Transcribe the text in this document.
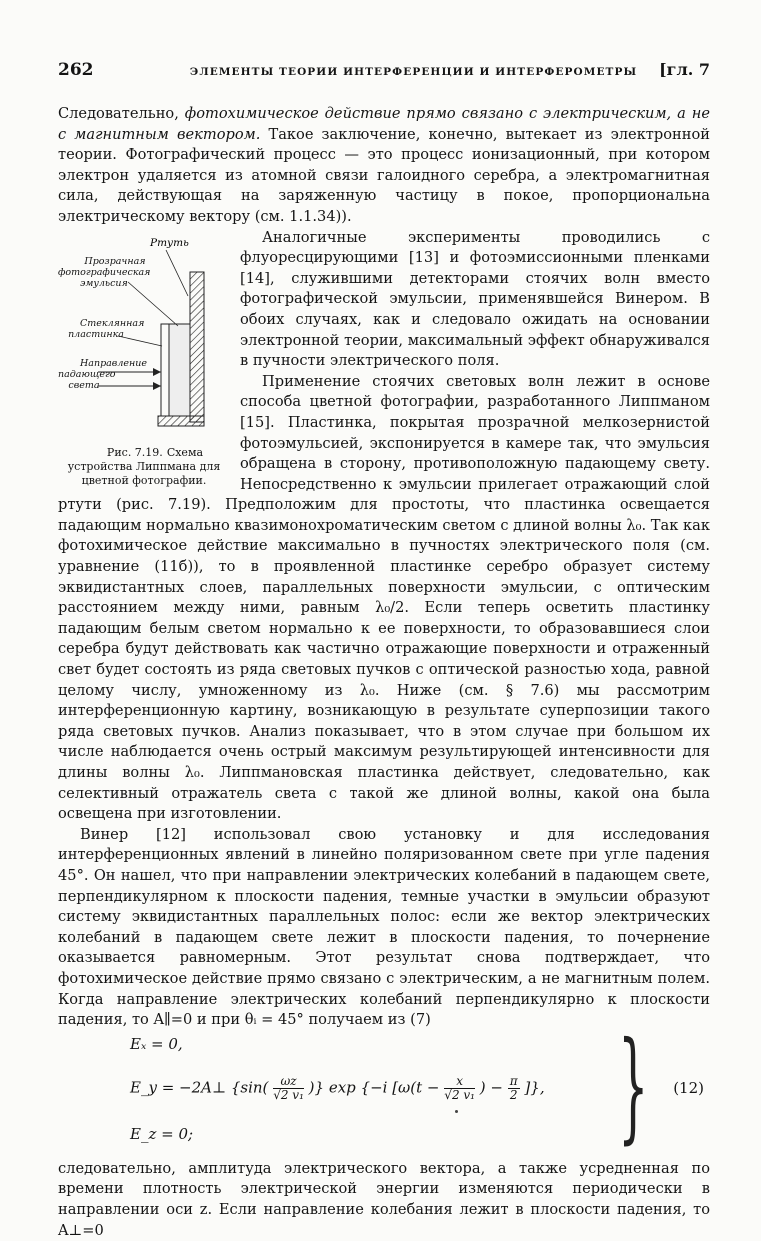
262	ЭЛЕМЕНТЫ ТЕОРИИ ИНТЕРФЕРЕНЦИИ И ИНТЕРФЕРОМЕТРЫ	[гл. 7

Следовательно, фотохимическое действие прямо связано с электрическим, а не с магнитным вектором. Такое заключение, конечно, вытекает из электронной теории. Фотографический процесс — это процесс ионизационный, при котором электрон удаляется из атомной связи галоидного серебра, а электромагнитная сила, действующая на заряженную частицу в покое, пропорциональна электрическому вектору (см. 1.1.34)).

Ртуть
Прозрачная фотографическая эмульсия
Стеклянная пластинка
Направление падающего света
Рис. 7.19. Схема устройства Липпмана для цветной фотографии.
Аналогичные эксперименты проводились с флуоресцирующими [13] и фотоэмиссионными пленками [14], служившими детекторами стоячих волн вместо фотографической эмульсии, применявшейся Винером. В обоих случаях, как и следовало ожидать на основании электронной теории, максимальный эффект обнаруживался в пучности электрического поля.

Применение стоячих световых волн лежит в основе способа цветной фотографии, разработанного Липпманом [15]. Пластинка, покрытая прозрачной мелкозернистой фотоэмульсией, экспонируется в камере так, что эмульсия обращена в сторону, противоположную падающему свету. Непосредственно к эмульсии прилегает отражающий слой ртути (рис. 7.19). Предположим для простоты, что пластинка освещается падающим нормально квазимонохроматическим светом с длиной волны λ₀. Так как фотохимическое действие максимально в пучностях электрического поля (см. уравнение (11б)), то в проявленной пластинке серебро образует систему эквидистантных слоев, параллельных поверхности эмульсии, с оптическим расстоянием между ними, равным λ₀/2. Если теперь осветить пластинку падающим белым светом нормально к ее поверхности, то образовавшиеся слои серебра будут действовать как частично отражающие поверхности и отраженный свет будет состоять из ряда световых пучков с оптической разностью хода, равной целому числу, умноженному из λ₀. Ниже (см. § 7.6) мы рассмотрим интерференционную картину, возникающую в результате суперпозиции такого ряда световых пучков. Анализ показывает, что в этом случае при большом их числе наблюдается очень острый максимум результирующей интенсивности для длины волны λ₀. Липпмановская пластинка действует, следовательно, как селективный отражатель света с такой же длиной волны, какой она была освещена при изготовлении.

Винер [12] использовал свою установку и для исследования интерференционных явлений в линейно поляризованном свете при угле падения 45°. Он нашел, что при направлении электрических колебаний в падающем свете, перпендикулярном к плоскости падения, темные участки в эмульсии образуют систему эквидистантных параллельных полос: если же вектор электрических колебаний в падающем свете лежит в плоскости падения, то почернение оказывается равномерным. Этот результат снова подтверждает, что фотохимическое действие прямо связано с электрическим, а не магнитным полем. Когда направление электрических колебаний перпендикулярно к плоскости падения, то A∥=0 и при θᵢ = 45° получаем из (7)

Eₓ = 0,
E_y = −2A⊥ {$\sin( \frac{\omega z}{\text{√2 v₁}}$ )} exp {−i [$\omega(t - \frac{x}{\text{√2 v₁}}$ ) − $\frac{\pi}{2}$ ]},
E_z = 0;	} (12)

следовательно, амплитуда электрического вектора, а также усредненная по времени плотность электрической энергии изменяются периодически в направлении оси z. Если направление колебания лежит в плоскости падения, то A⊥=0
